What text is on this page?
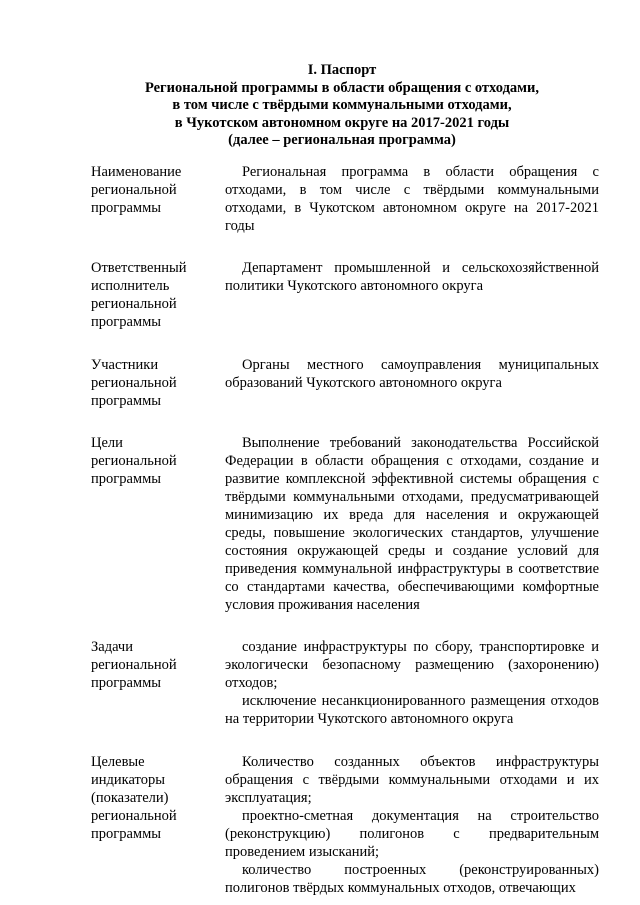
I. Паспорт
Региональной программы в области обращения с отходами,
в том числе с твёрдыми коммунальными отходами,
в Чукотском автономном округе на 2017-2021 годы
(далее – региональная программа)
Наименование
региональной
программы
Региональная программа в области обращения с отходами, в том числе с твёрдыми коммунальными отходами, в Чукотском автономном округе на 2017-2021 годы
Ответственный
исполнитель
региональной
программы
Департамент промышленной и сельскохозяйственной политики Чукотского автономного округа
Участники
региональной
программы
Органы местного самоуправления муниципальных образований Чукотского автономного округа
Цели
региональной
программы
Выполнение требований законодательства Российской Федерации в области обращения с отходами, создание и развитие комплексной эффективной системы обращения с твёрдыми коммунальными отходами, предусматривающей минимизацию их вреда для населения и окружающей среды, повышение экологических стандартов, улучшение состояния окружающей среды и создание условий для приведения коммунальной инфраструктуры в соответствие со стандартами качества, обеспечивающими комфортные условия проживания населения
Задачи
региональной
программы
создание инфраструктуры по сбору, транспортировке и экологически безопасному размещению (захоронению) отходов;
исключение несанкционированного размещения отходов на территории Чукотского автономного округа
Целевые
индикаторы
(показатели)
региональной
программы
Количество созданных объектов инфраструктуры обращения с твёрдыми коммунальными отходами и их эксплуатация;
проектно-сметная документация на строительство (реконструкцию) полигонов с предварительным проведением изысканий;
количество построенных (реконструированных) полигонов твёрдых коммунальных отходов, отвечающих
